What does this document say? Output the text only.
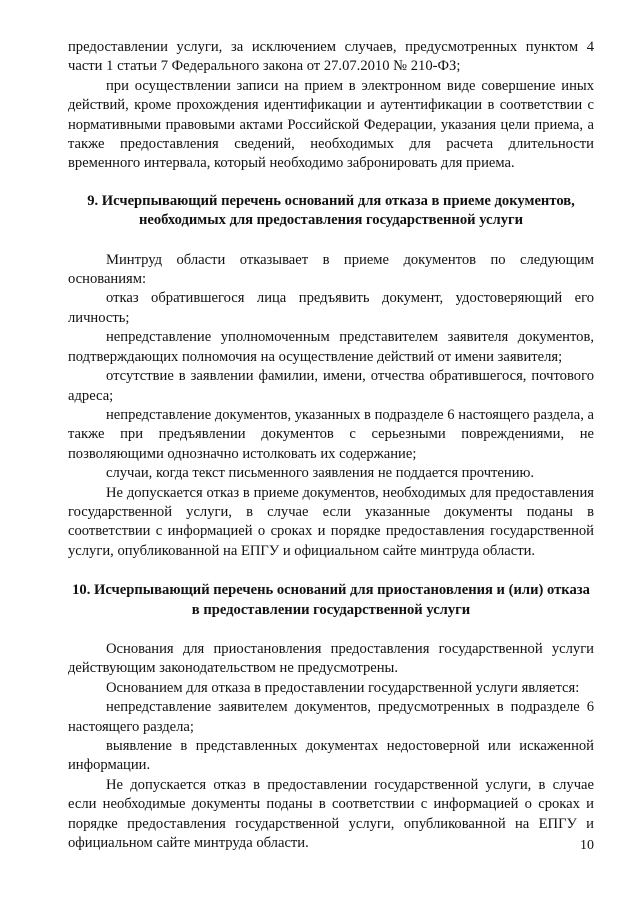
предоставлении услуги, за исключением случаев, предусмотренных пунктом 4 части 1 статьи 7 Федерального закона от 27.07.2010 № 210-ФЗ;

при осуществлении записи на прием в электронном виде совершение иных действий, кроме прохождения идентификации и аутентификации в соответствии с нормативными правовыми актами Российской Федерации, указания цели приема, а также предоставления сведений, необходимых для расчета длительности временного интервала, который необходимо забронировать для приема.

9. Исчерпывающий перечень оснований для отказа в приеме документов, необходимых для предоставления государственной услуги

Минтруд области отказывает в приеме документов по следующим основаниям:

отказ обратившегося лица предъявить документ, удостоверяющий его личность;

непредставление уполномоченным представителем заявителя документов, подтверждающих полномочия на осуществление действий от имени заявителя;

отсутствие в заявлении фамилии, имени, отчества обратившегося, почтового адреса;

непредставление документов, указанных в подразделе 6 настоящего раздела, а также при предъявлении документов с серьезными повреждениями, не позволяющими однозначно истолковать их содержание;

случаи, когда текст письменного заявления не поддается прочтению.

Не допускается отказ в приеме документов, необходимых для предоставления государственной услуги, в случае если указанные документы поданы в соответствии с информацией о сроках и порядке предоставления государственной услуги, опубликованной на ЕПГУ и официальном сайте минтруда области.

10. Исчерпывающий перечень оснований для приостановления и (или) отказа в предоставлении государственной услуги

Основания для приостановления предоставления государственной услуги действующим законодательством не предусмотрены.

Основанием для отказа в предоставлении государственной услуги является:

непредставление заявителем документов, предусмотренных в подразделе 6 настоящего раздела;

выявление в представленных документах недостоверной или искаженной информации.

Не допускается отказ в предоставлении государственной услуги, в случае если необходимые документы поданы в соответствии с информацией о сроках и порядке предоставления государственной услуги, опубликованной на ЕПГУ и официальном сайте минтруда области.	10
